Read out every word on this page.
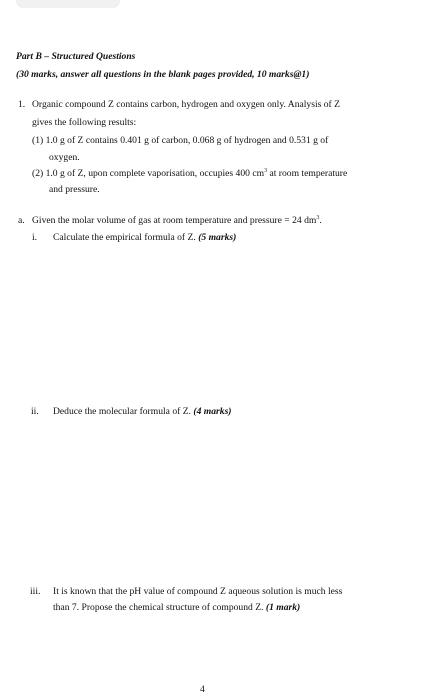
Part B – Structured Questions
(30 marks, answer all questions in the blank pages provided, 10 marks@1)
1. Organic compound Z contains carbon, hydrogen and oxygen only. Analysis of Z
gives the following results:
(1) 1.0 g of Z contains 0.401 g of carbon, 0.068 g of hydrogen and 0.531 g of
oxygen.
(2) 1.0 g of Z, upon complete vaporisation, occupies 400 $cm^3$ at room temperature
and pressure.
a. Given the molar volume of gas at room temperature and pressure = 24 $dm^3$.
i. Calculate the empirical formula of Z. (5 marks)
ii. Deduce the molecular formula of Z. (4 marks)
iii. It is known that the pH value of compound Z aqueous solution is much less
than 7. Propose the chemical structure of compound Z. (1 mark)
4
